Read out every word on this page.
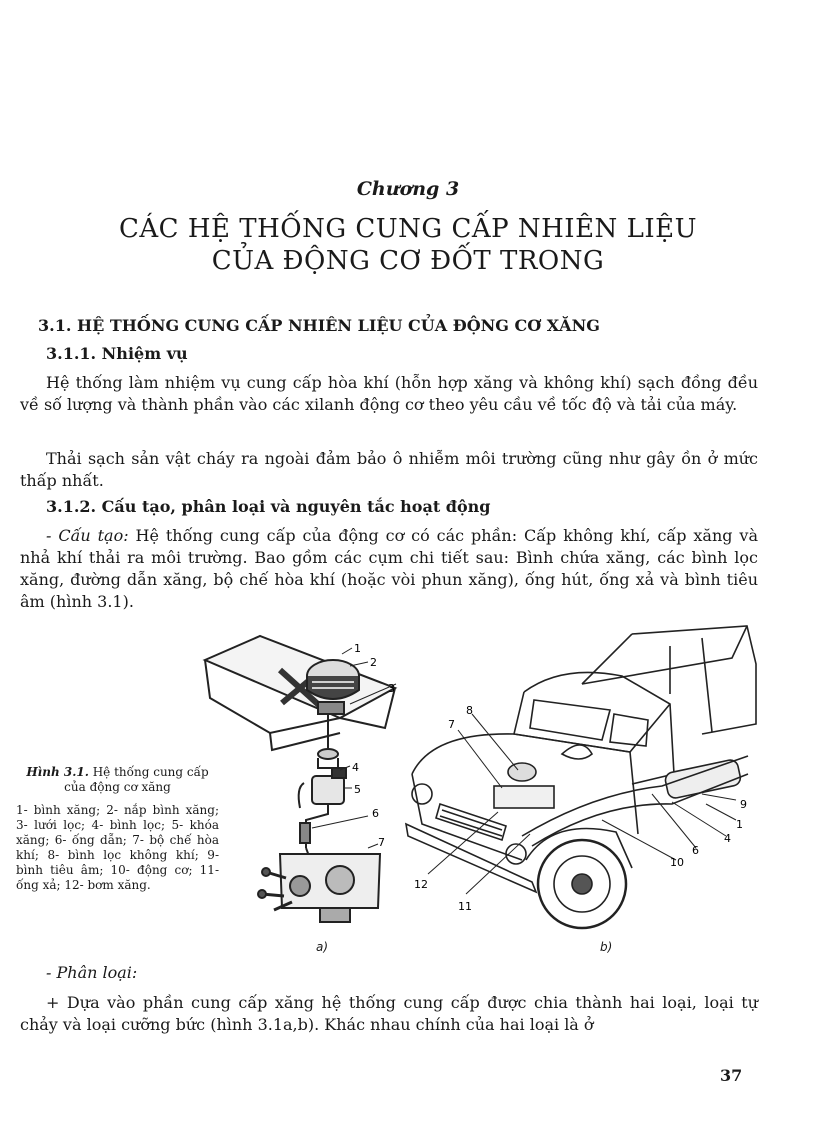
Chương 3
CÁC HỆ THỐNG CUNG CẤP NHIÊN LIỆU
CỦA ĐỘNG CƠ ĐỐT TRONG
3.1. HỆ THỐNG CUNG CẤP NHIÊN LIỆU CỦA ĐỘNG CƠ XĂNG
3.1.1. Nhiệm vụ
Hệ thống làm nhiệm vụ cung cấp hòa khí (hỗn hợp xăng và không khí) sạch đồng đều về số lượng và thành phần vào các xilanh động cơ theo yêu cầu về tốc độ và tải của máy.
Thải sạch sản vật cháy ra ngoài đảm bảo ô nhiễm môi trường cũng như gây ồn ở mức thấp nhất.
3.1.2. Cấu tạo, phân loại và nguyên tắc hoạt động
- Cấu tạo: Hệ thống cung cấp của động cơ có các phần: Cấp không khí, cấp xăng và nhả khí thải ra môi trường. Bao gồm các cụm chi tiết sau: Bình chứa xăng, các bình lọc xăng, đường dẫn xăng, bộ chế hòa khí (hoặc vòi phun xăng), ống hút, ống xả và bình tiêu âm (hình 3.1).
Hình 3.1. Hệ thống cung cấp của động cơ xăng
1- bình xăng; 2- nắp bình xăng; 3- lưới lọc; 4- bình lọc; 5- khóa xăng; 6- ống dẫn; 7- bộ chế hòa khí; 8- bình lọc không khí; 9- bình tiêu âm; 10- động cơ; 11- ống xả; 12- bơm xăng.
1
2
3
4
5
6
7
a)
8
7
9
1
4
6
10
12
11
b)
- Phân loại:
+ Dựa vào phần cung cấp xăng hệ thống cung cấp được chia thành hai loại, loại tự chảy và loại cưỡng bức (hình 3.1a,b). Khác nhau chính của hai loại là ở
37
